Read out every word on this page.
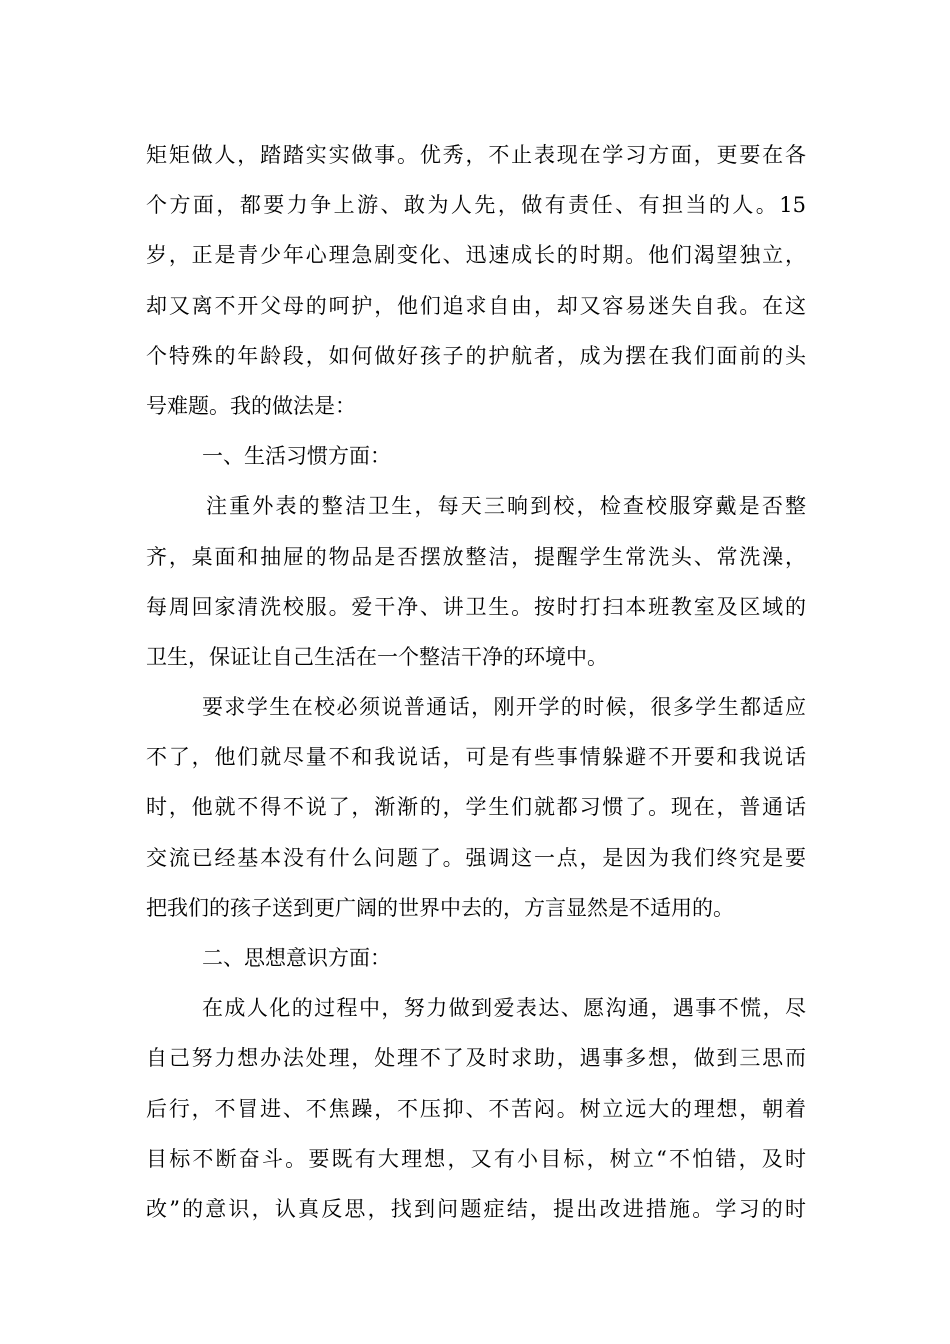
矩矩做人，踏踏实实做事。优秀，不止表现在学习方面，更要在各
个方面，都要力争上游、敢为人先，做有责任、有担当的人。15
岁，正是青少年心理急剧变化、迅速成长的时期。他们渴望独立，
却又离不开父母的呵护，他们追求自由，却又容易迷失自我。在这
个特殊的年龄段，如何做好孩子的护航者，成为摆在我们面前的头
号难题。我的做法是：
一、生活习惯方面：
注重外表的整洁卫生，每天三晌到校，检查校服穿戴是否整
齐，桌面和抽屉的物品是否摆放整洁，提醒学生常洗头、常洗澡，
每周回家清洗校服。爱干净、讲卫生。按时打扫本班教室及区域的
卫生，保证让自己生活在一个整洁干净的环境中。
要求学生在校必须说普通话，刚开学的时候，很多学生都适应
不了，他们就尽量不和我说话，可是有些事情躲避不开要和我说话
时，他就不得不说了，渐渐的，学生们就都习惯了。现在，普通话
交流已经基本没有什么问题了。强调这一点，是因为我们终究是要
把我们的孩子送到更广阔的世界中去的，方言显然是不适用的。
二、思想意识方面：
在成人化的过程中，努力做到爱表达、愿沟通，遇事不慌，尽
自己努力想办法处理，处理不了及时求助，遇事多想，做到三思而
后行，不冒进、不焦躁，不压抑、不苦闷。树立远大的理想，朝着
目标不断奋斗。要既有大理想，又有小目标，树立“不怕错，及时
改”的意识，认真反思，找到问题症结，提出改进措施。学习的时
